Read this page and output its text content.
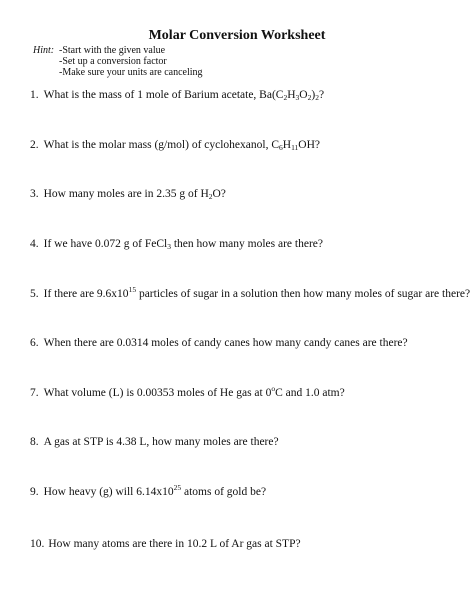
Molar Conversion Worksheet
Hint: -Start with the given value
-Set up a conversion factor
-Make sure your units are canceling
1. What is the mass of 1 mole of Barium acetate, $Ba(C_2H_3O_2)_2$?
2. What is the molar mass (g/mol) of cyclohexanol, $C_6H_{11}OH$?
3. How many moles are in 2.35 g of $H_2O$?
4. If we have 0.072 g of FeCl$_3$ then how many moles are there?
5. If there are $9.6x10^{15}$ particles of sugar in a solution then how many moles of sugar are there?
6. When there are 0.0314 moles of candy canes how many candy canes are there?
7. What volume (L) is 0.00353 moles of He gas at 0$^o$C and 1.0 atm?
8. A gas at STP is 4.38 L, how many moles are there?
9. How heavy (g) will $6.14x10^{25}$ atoms of gold be?
10. How many atoms are there in 10.2 L of Ar gas at STP?
